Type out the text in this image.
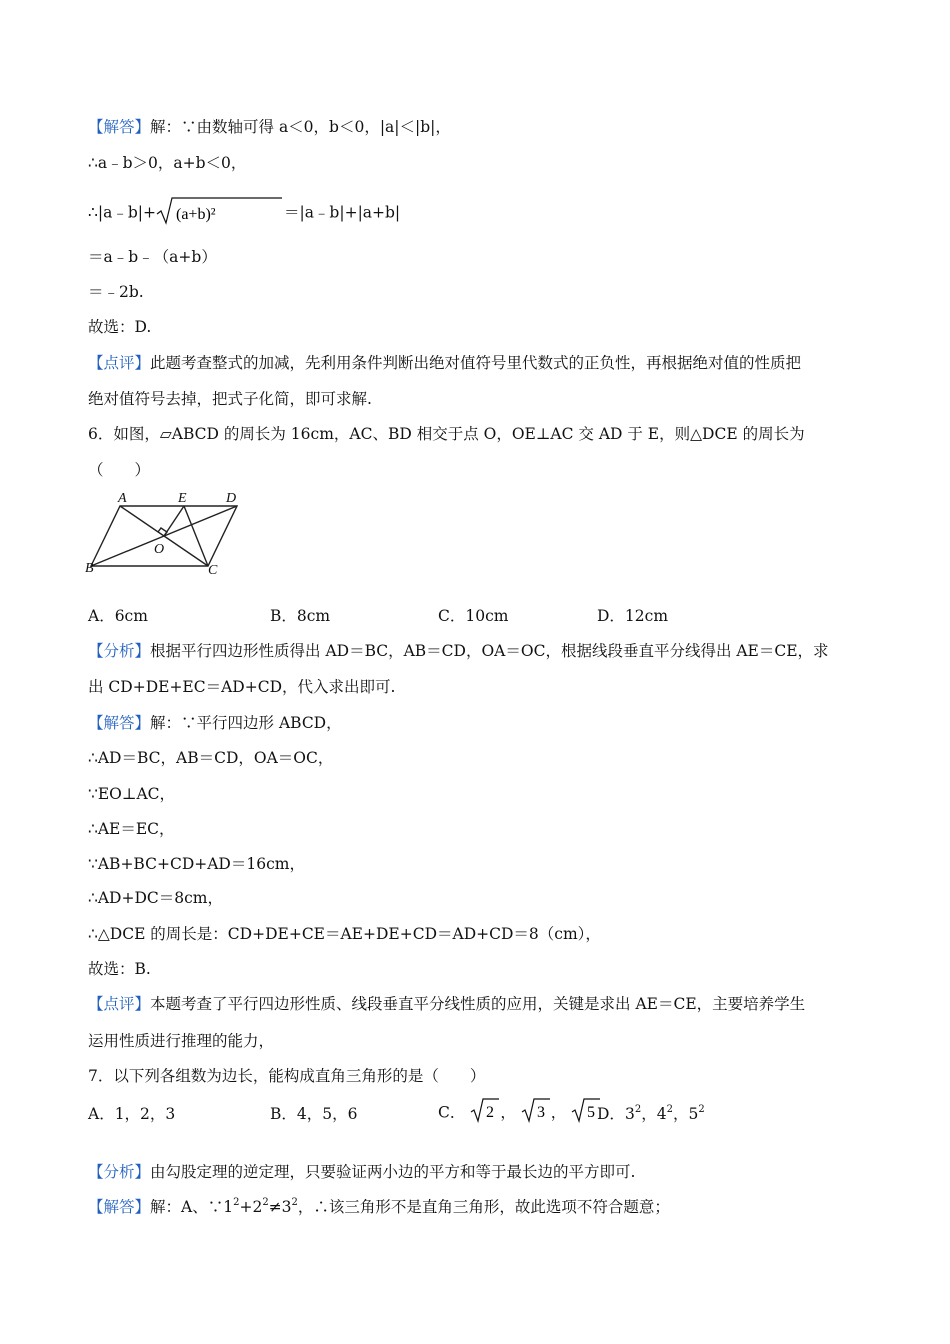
【解答】解：∵由数轴可得 a＜0，b＜0，|a|＜|b|，
∴a﹣b＞0，a+b＜0，
∴|a﹣b|+ (a+b)²	＝|a﹣b|+|a+b|
＝a﹣b﹣（a+b）
＝﹣2b.
故选：D.
【点评】此题考查整式的加减，先利用条件判断出绝对值符号里代数式的正负性，再根据绝对值的性质把
绝对值符号去掉，把式子化简，即可求解.
6．如图，▱ABCD 的周长为 16cm，AC、BD 相交于点 O，OE⊥AC 交 AD 于 E，则△DCE 的周长为
（　　）
A	E	D
O
B	C
A．6cm	B．8cm	C．10cm	D．12cm
【分析】根据平行四边形性质得出 AD＝BC，AB＝CD，OA＝OC，根据线段垂直平分线得出 AE＝CE，求
出 CD+DE+EC＝AD+CD，代入求出即可.
【解答】解：∵平行四边形 ABCD，
∴AD＝BC，AB＝CD，OA＝OC，
∵EO⊥AC，
∴AE＝EC，
∵AB+BC+CD+AD＝16cm，
∴AD+DC＝8cm，
∴△DCE 的周长是：CD+DE+CE＝AE+DE+CD＝AD+CD＝8（cm），
故选：B.
【点评】本题考查了平行四边形性质、线段垂直平分线性质的应用，关键是求出 AE＝CE，主要培养学生
运用性质进行推理的能力，
7．以下列各组数为边长，能构成直角三角形的是（　　）
A．1，2，3	B．4，5，6	C． 2 ， 3 ， 5 D．$3^2$，$4^2$，$5^2$
【分析】由勾股定理的逆定理，只要验证两小边的平方和等于最长边的平方即可.
【解答】解：A、$\because 1^2+2^2\ne 3^2$，∴该三角形不是直角三角形，故此选项不符合题意；
